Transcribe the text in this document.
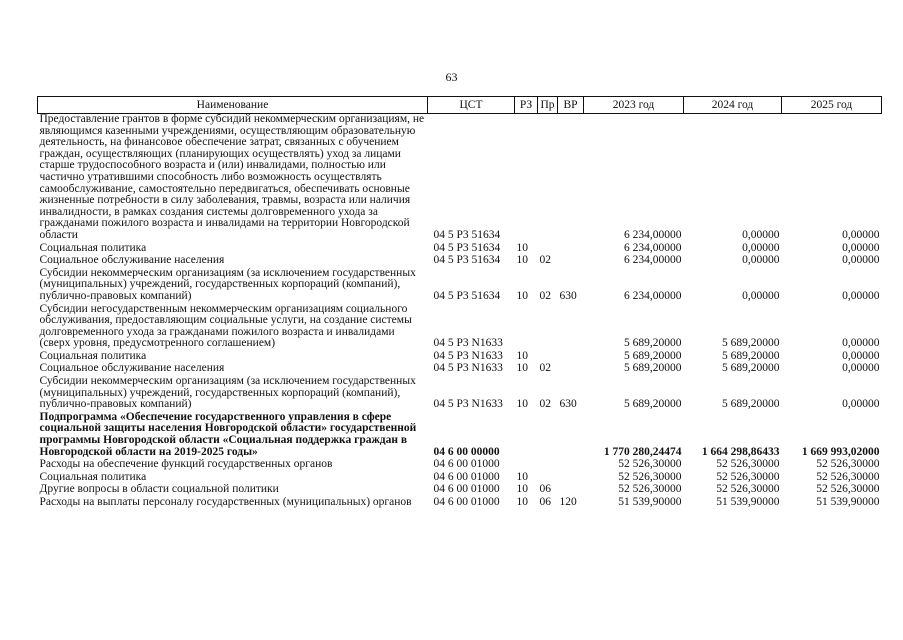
63
Наименование	ЦСТ	РЗ	Пр	ВР	2023 год	2024 год	2025 год
Предоставление грантов в форме субсидий некоммерческим организациям, не являющимся казенными учреждениями, осуществляющим образовательную деятельность, на финансовое обеспечение затрат, связанных с обучением граждан, осуществляющих (планирующих осуществлять) уход за лицами старше трудоспособного возраста и (или) инвалидами, полностью или частично утратившими способность либо возможность осуществлять самообслуживание, самостоятельно передвигаться, обеспечивать основные жизненные потребности в силу заболевания, травмы, возраста или наличия инвалидности, в рамках создания системы долговременного ухода за гражданами пожилого возраста и инвалидами на территории Новгородской области	04 5 P3 51634				6 234,00000	0,00000	0,00000
Социальная политика	04 5 P3 51634	10			6 234,00000	0,00000	0,00000
Социальное обслуживание населения	04 5 P3 51634	10	02		6 234,00000	0,00000	0,00000
Субсидии некоммерческим организациям (за исключением государственных (муниципальных) учреждений, государственных корпораций (компаний), публично-правовых компаний)	04 5 P3 51634	10	02	630	6 234,00000	0,00000	0,00000
Субсидии негосударственным некоммерческим организациям социального обслуживания, предоставляющим социальные услуги, на создание системы долговременного ухода за гражданами пожилого возраста и инвалидами (сверх уровня, предусмотренного соглашением)	04 5 P3 N1633				5 689,20000	5 689,20000	0,00000
Социальная политика	04 5 P3 N1633	10			5 689,20000	5 689,20000	0,00000
Социальное обслуживание населения	04 5 P3 N1633	10	02		5 689,20000	5 689,20000	0,00000
Субсидии некоммерческим организациям (за исключением государственных (муниципальных) учреждений, государственных корпораций (компаний), публично-правовых компаний)	04 5 P3 N1633	10	02	630	5 689,20000	5 689,20000	0,00000
Подпрограмма «Обеспечение государственного управления в сфере социальной защиты населения Новгородской области» государственной программы Новгородской области «Социальная поддержка граждан в Новгородской области на 2019-2025 годы»	04 6 00 00000				1 770 280,24474	1 664 298,86433	1 669 993,02000
Расходы на обеспечение функций государственных органов	04 6 00 01000				52 526,30000	52 526,30000	52 526,30000
Социальная политика	04 6 00 01000	10			52 526,30000	52 526,30000	52 526,30000
Другие вопросы в области социальной политики	04 6 00 01000	10	06		52 526,30000	52 526,30000	52 526,30000
Расходы на выплаты персоналу государственных (муниципальных) органов	04 6 00 01000	10	06	120	51 539,90000	51 539,90000	51 539,90000
